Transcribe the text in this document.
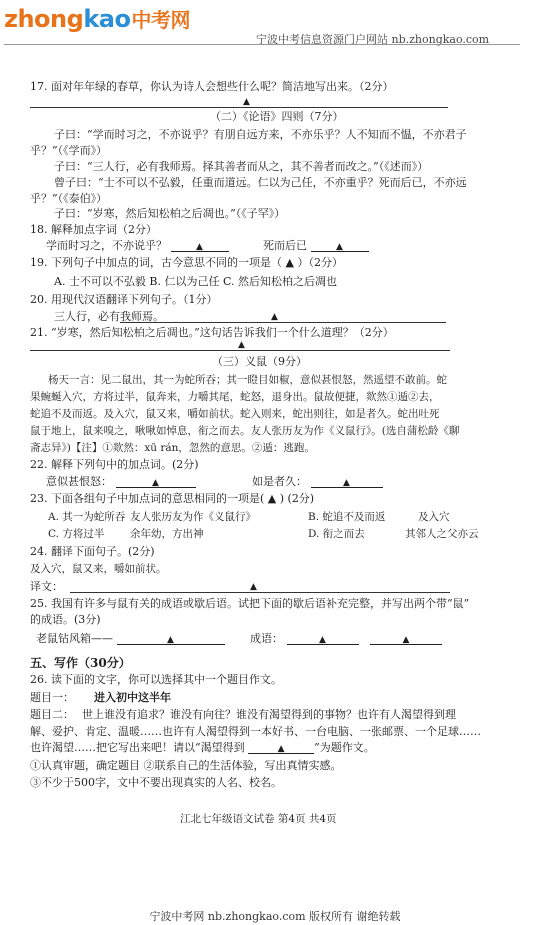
zhongkao中考网
宁波中考信息资源门户网站 nb.zhongkao.com
17. 面对年年绿的春草，你认为诗人会想些什么呢？简洁地写出来。（2分）
▲
（二）《论语》四则（7分）
子曰：“学而时习之，不亦说乎？有朋自远方来，不亦乐乎？人不知而不愠，不亦君子
乎？”（《学而》）
子曰：“三人行，必有我师焉。择其善者而从之，其不善者而改之。”（《述而》）
曾子曰：“士不可以不弘毅，任重而道远。仁以为己任，不亦重乎？死而后已，不亦远
乎？”（《泰伯》）
子曰：“岁寒，然后知松柏之后凋也。”（《子罕》）
18. 解释加点字词（2分）
学而时习之，不亦说乎？	▲	死而后已	▲
19. 下列句子中加点的词，古今意思不同的一项是（ ▲ ）（2分）
A. 士不可以不弘毅 B. 仁以为己任 C. 然后知松柏之后凋也
20. 用现代汉语翻译下列句子。（1分）
三人行，必有我师焉。	▲
21. “岁寒，然后知松柏之后凋也。”这句话告诉我们一个什么道理？（2分）
▲
（三）义鼠（9分）
杨天一言：见二鼠出，其一为蛇所吞；其一瞪目如椒，意似甚恨怒，然遥望不敢前。蛇
果蜿蜒入穴，方将过半，鼠奔来，力嚼其尾，蛇怒，退身出。鼠故便捷，欻然①遁②去，
蛇追不及而返。及入穴，鼠又来，嚼如前状。蛇入则来，蛇出则往，如是者久。蛇出吐死
鼠于地上，鼠来嗅之，啾啾如悼息，衔之而去。友人张历友为作《义鼠行》。(选自蒲松龄《聊
斋志异》)【注】①欻然：xū rán，忽然的意思。②遁：逃跑。
22. 解释下列句中的加点词。(2分)
意似甚恨怒：	▲	如是者久：	▲
23. 下面各组句子中加点词的意思相同的一项是( ▲ ) (2分)
A. 其一为蛇所吞 友人张历友为作《义鼠行》	B. 蛇追不及而返	及入穴
C. 方将过半 余年幼，方出神	D. 衔之而去	其邻人之父亦云
24. 翻译下面句子。(2分)
及入穴，鼠又来，嚼如前状。
译文：	▲
25. 我国有许多与鼠有关的成语或歇后语。试把下面的歇后语补充完整，并写出两个带“鼠”
的成语。(3分)
老鼠钻风箱——	▲	成语：	▲	▲
五、写作（30分）
26. 读下面的文字，你可以选择其中一个题目作文。
题目一： 进入初中这半年
题目二： 世上谁没有追求？谁没有向往？谁没有渴望得到的事物？也许有人渴望得到理
解、爱护、肯定、温暖……也许有人渴望得到一本好书、一台电脑、一张邮票、一个足球……
也许渴望……把它写出来吧！请以“渴望得到	▲	”为题作文。
①认真审题，确定题目 ②联系自己的生活体验，写出真情实感。
③不少于500字，文中不要出现真实的人名、校名。
江北七年级语文试卷 第4页 共4页
宁波中考网 nb.zhongkao.com 版权所有 谢绝转载
